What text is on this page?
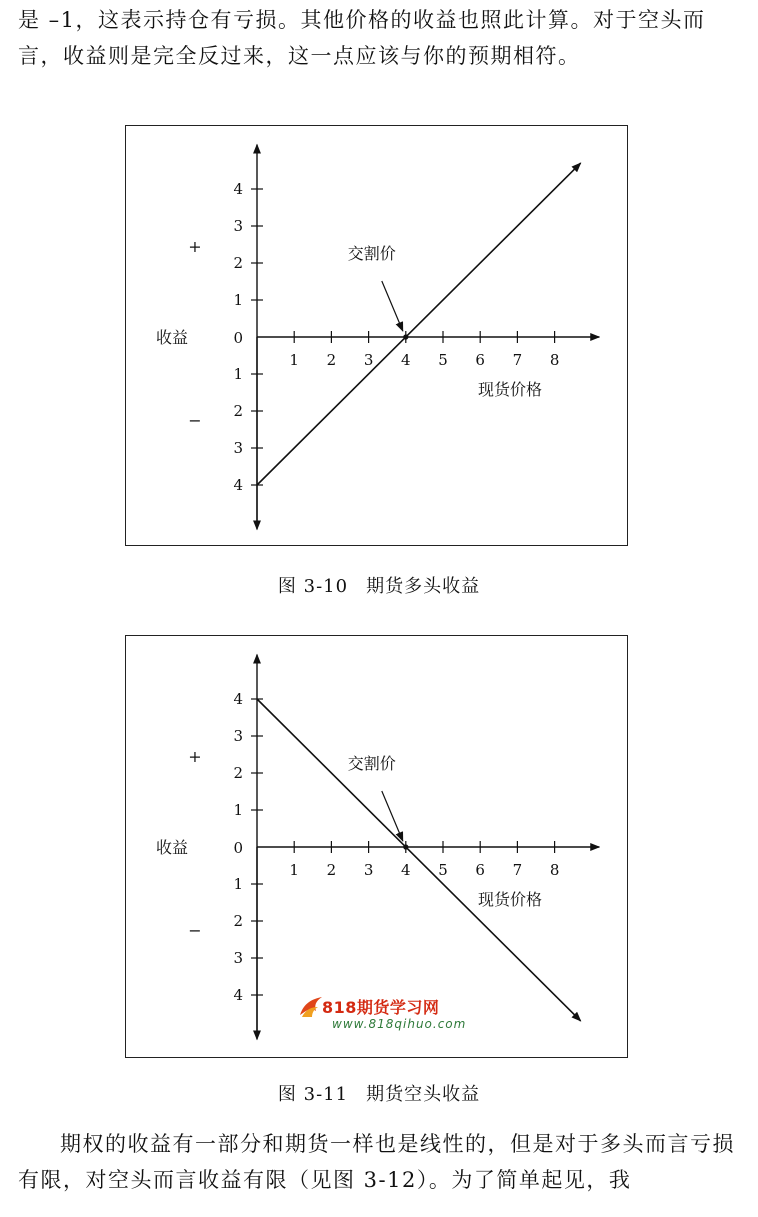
是 –1，这表示持仓有亏损。其他价格的收益也照此计算。对于空头而言，收益则是完全反过来，这一点应该与你的预期相符。

1 2 3 4 5 6 7 8
0
1
2
3
4
1
2
3
4
交割价
收益
+
−
现货价格
图 3-10 期货多头收益
1 2 3 4 5 6 7 8
0
1
2
3
4
1
2
3
4
交割价
收益
+
−
现货价格
图 3-11 期货空头收益
818期货学习网
www.818qihuo.com

期权的收益有一部分和期货一样也是线性的，但是对于多头而言亏损有限，对空头而言收益有限（见图 3-12）。为了简单起见，我
